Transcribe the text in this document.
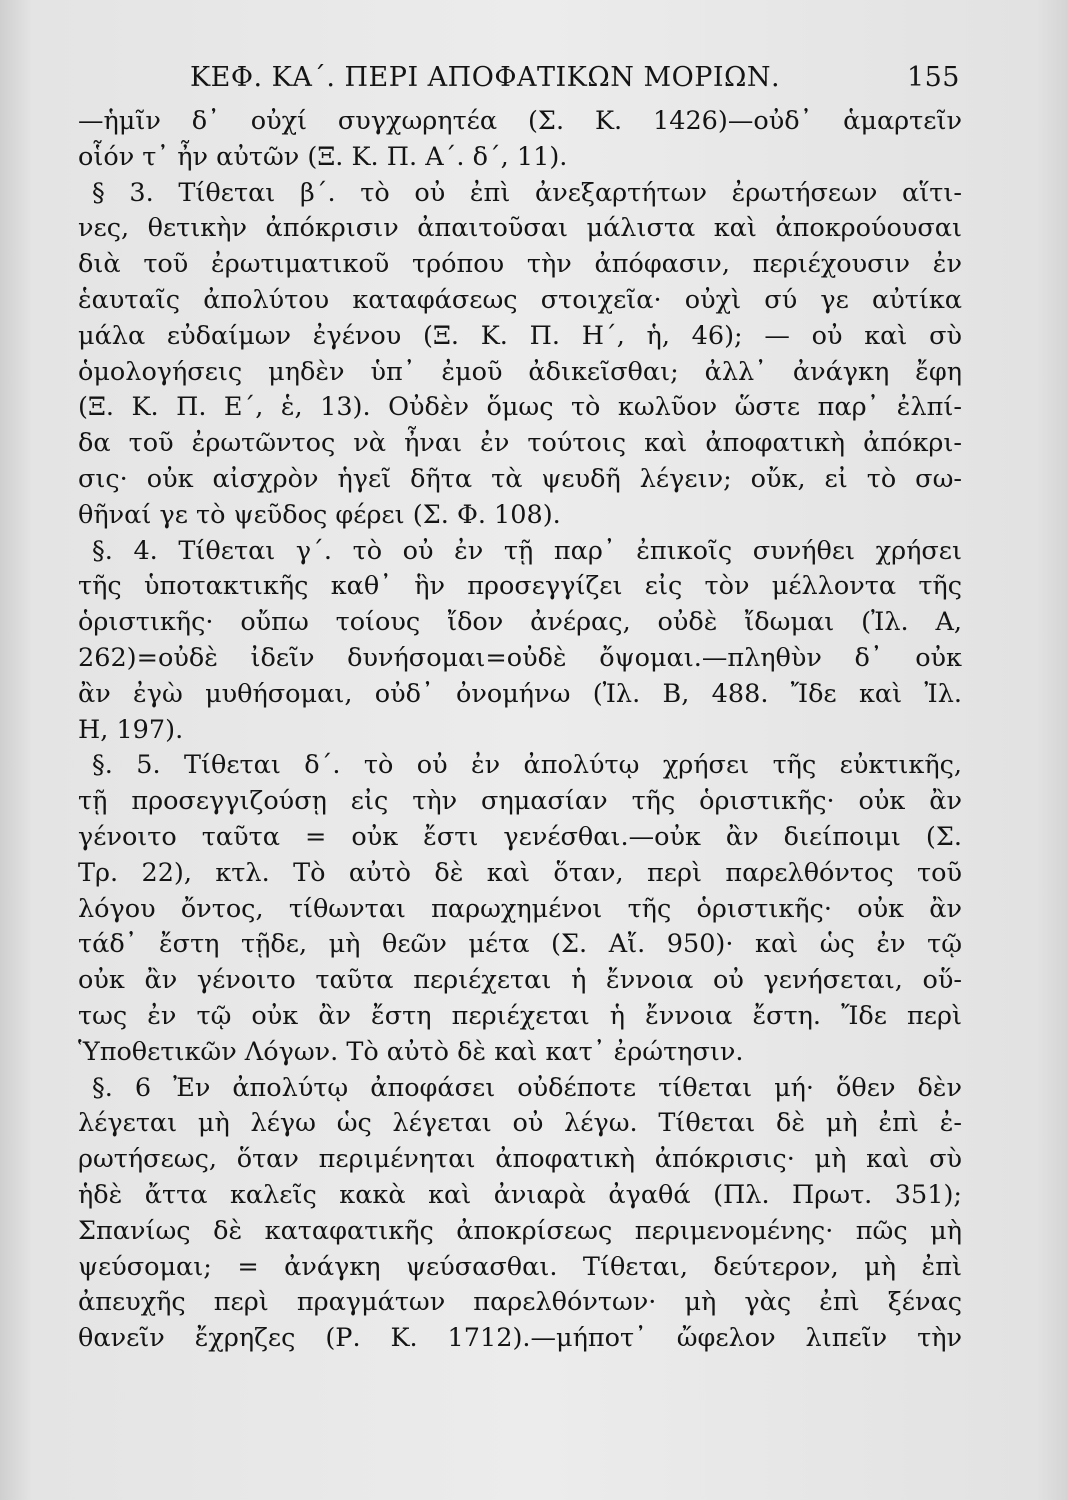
ΚΕΦ. ΚΑ΄. ΠΕΡΙ ΑΠΟΦΑΤΙΚΩΝ ΜΟΡΙΩΝ.	155
—ἡμῖν δ᾽ οὐχί συγχωρητέα (Σ. Κ. 1426)—οὐδ᾽ ἁμαρτεῖν
οἷόν τ᾽ ἦν αὐτῶν (Ξ. Κ. Π. Α΄. δ΄, 11).
§ 3. Τίθεται β΄. τὸ οὐ ἐπὶ ἀνεξαρτήτων ἐρωτήσεων αἵτι-
νες, θετικὴν ἀπόκρισιν ἀπαιτοῦσαι μάλιστα καὶ ἀποκρούουσαι
διὰ τοῦ ἐρωτιματικοῦ τρόπου τὴν ἀπόφασιν, περιέχουσιν ἐν
ἑαυταῖς ἀπολύτου καταφάσεως στοιχεῖα· οὐχὶ σύ γε αὐτίκα
μάλα εὐδαίμων ἐγένου (Ξ. Κ. Π. Η΄, ἡ, 46); — οὐ καὶ σὺ
ὁμολογήσεις μηδὲν ὑπ᾽ ἐμοῦ ἀδικεῖσθαι; ἀλλ᾽ ἀνάγκη ἔφη
(Ξ. Κ. Π. Ε΄, ἑ, 13). Οὐδὲν ὅμως τὸ κωλῦον ὥστε παρ᾽ ἐλπί-
δα τοῦ ἐρωτῶντος νὰ ἦναι ἐν τούτοις καὶ ἀποφατικὴ ἀπόκρι-
σις· οὐκ αἰσχρὸν ἡγεῖ δῆτα τὰ ψευδῆ λέγειν; οὔκ, εἰ τὸ σω-
θῆναί γε τὸ ψεῦδος φέρει (Σ. Φ. 108).
§. 4. Τίθεται γ΄. τὸ οὐ ἐν τῇ παρ᾽ ἐπικοῖς συνήθει χρήσει
τῆς ὑποτακτικῆς καθ᾽ ἣν προσεγγίζει εἰς τὸν μέλλοντα τῆς
ὁριστικῆς· οὔπω τοίους ἴδον ἀνέρας, οὐδὲ ἴδωμαι (Ἰλ. Α,
262)=οὐδὲ ἰδεῖν δυνήσομαι=οὐδὲ ὄψομαι.—πληθὺν δ᾽ οὐκ
ἂν ἐγὼ μυθήσομαι, οὐδ᾽ ὀνομήνω (Ἰλ. Β, 488. Ἴδε καὶ Ἰλ.
Η, 197).
§. 5. Τίθεται δ΄. τὸ οὐ ἐν ἀπολύτῳ χρήσει τῆς εὐκτικῆς,
τῇ προσεγγιζούσῃ εἰς τὴν σημασίαν τῆς ὁριστικῆς· οὐκ ἂν
γένοιτο ταῦτα = οὐκ ἔστι γενέσθαι.—οὐκ ἂν διείποιμι (Σ.
Τρ. 22), κτλ. Τὸ αὐτὸ δὲ καὶ ὅταν, περὶ παρελθόντος τοῦ
λόγου ὄντος, τίθωνται παρωχημένοι τῆς ὁριστικῆς· οὐκ ἂν
τάδ᾽ ἔστη τῇδε, μὴ θεῶν μέτα (Σ. Αἴ. 950)· καὶ ὡς ἐν τῷ
οὐκ ἂν γένοιτο ταῦτα περιέχεται ἡ ἔννοια οὐ γενήσεται, οὕ-
τως ἐν τῷ οὐκ ἂν ἔστη περιέχεται ἡ ἔννοια ἔστη. Ἴδε περὶ
Ὑποθετικῶν Λόγων. Τὸ αὐτὸ δὲ καὶ κατ᾽ ἐρώτησιν.
§. 6 Ἐν ἀπολύτῳ ἀποφάσει οὐδέποτε τίθεται μή· ὅθεν δὲν
λέγεται μὴ λέγω ὡς λέγεται οὐ λέγω. Τίθεται δὲ μὴ ἐπὶ ἐ-
ρωτήσεως, ὅταν περιμένηται ἀποφατικὴ ἀπόκρισις· μὴ καὶ σὺ
ἡδὲ ἄττα καλεῖς κακὰ καὶ ἀνιαρὰ ἀγαθά (Πλ. Πρωτ. 351);
Σπανίως δὲ καταφατικῆς ἀποκρίσεως περιμενομένης· πῶς μὴ
ψεύσομαι; = ἀνάγκη ψεύσασθαι. Τίθεται, δεύτερον, μὴ ἐπὶ
ἀπευχῆς περὶ πραγμάτων παρελθόντων· μὴ γὰς ἐπὶ ξένας
θανεῖν ἔχρηζες (Ρ. Κ. 1712).—μήποτ᾽ ὤφελον λιπεῖν τὴν
